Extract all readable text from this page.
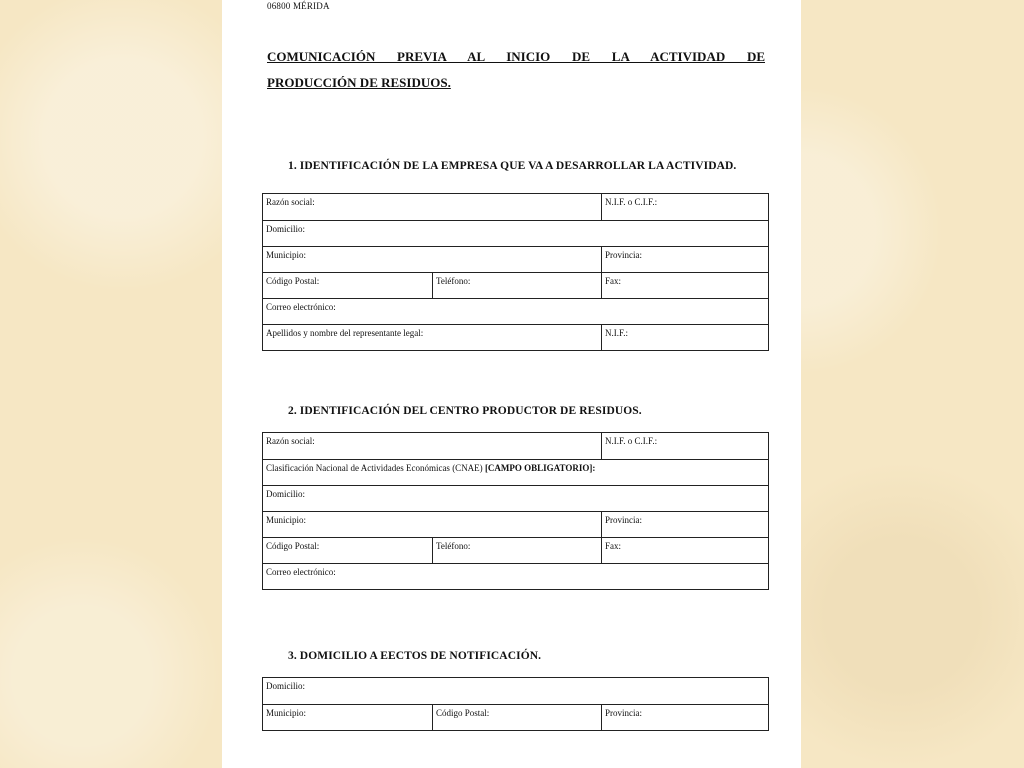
06800 MÉRIDA
COMUNICACIÓN PREVIA AL INICIO DE LA ACTIVIDAD DE
PRODUCCIÓN DE RESIDUOS.
1. IDENTIFICACIÓN DE LA EMPRESA QUE VA A DESARROLLAR LA ACTIVIDAD.
Razón social:	N.I.F. o C.I.F.:
Domicilio:
Municipio:	Provincia:
Código Postal:	Teléfono:	Fax:
Correo electrónico:
Apellidos y nombre del representante legal:	N.I.F.:
2. IDENTIFICACIÓN DEL CENTRO PRODUCTOR DE RESIDUOS.
Razón social:	N.I.F. o C.I.F.:
Clasificación Nacional de Actividades Económicas (CNAE) [CAMPO OBLIGATORIO]:
Domicilio:
Municipio:	Provincia:
Código Postal:	Teléfono:	Fax:
Correo electrónico:
3. DOMICILIO A EECTOS DE NOTIFICACIÓN.
Domicilio:
Municipio:	Código Postal:	Provincia:
